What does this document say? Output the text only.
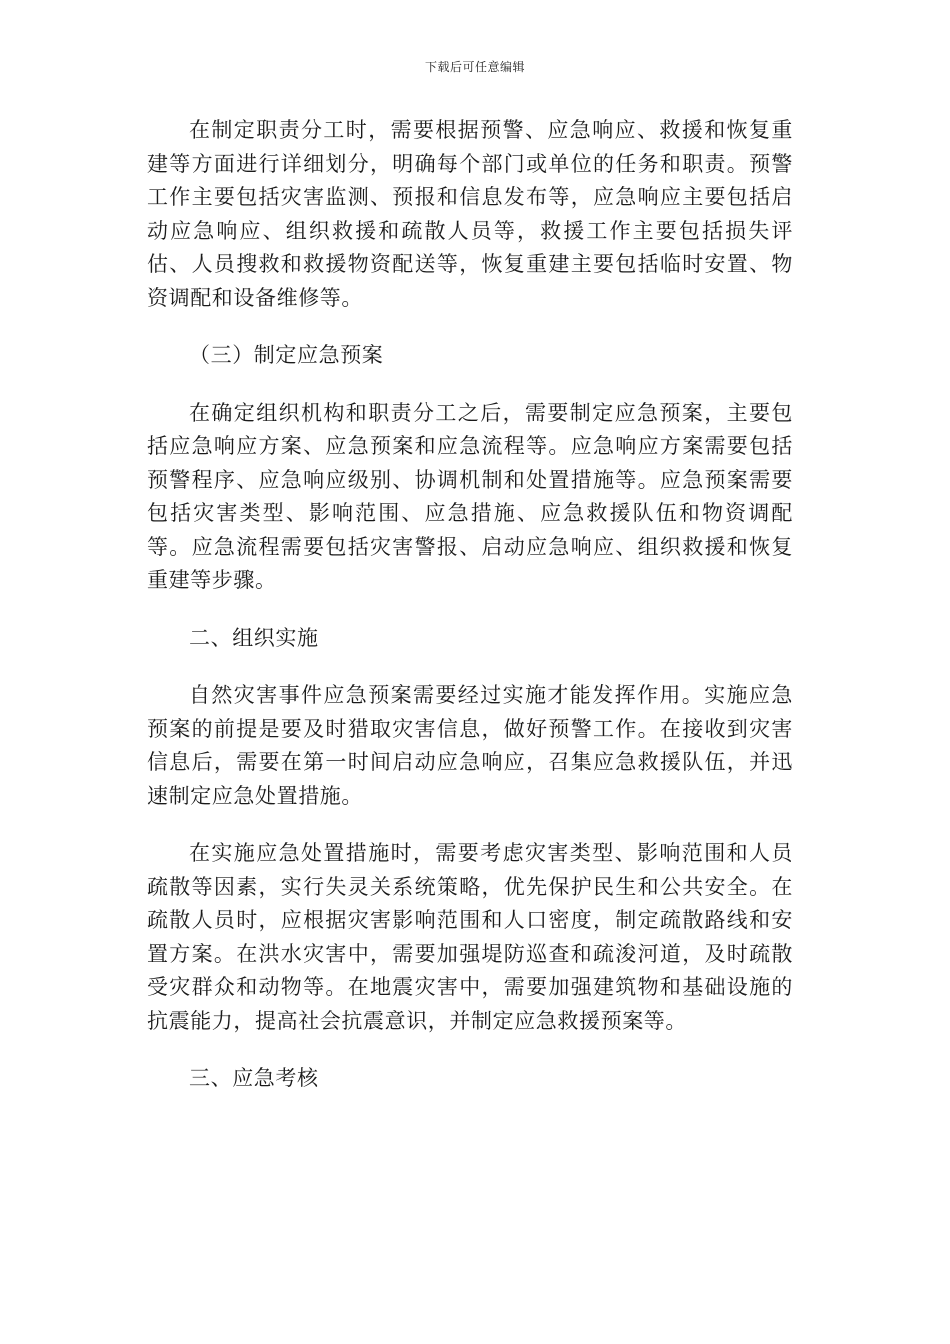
下载后可任意编辑

在制定职责分工时，需要根据预警、应急响应、救援和恢复重建等方面进行详细划分，明确每个部门或单位的任务和职责。预警工作主要包括灾害监测、预报和信息发布等，应急响应主要包括启动应急响应、组织救援和疏散人员等，救援工作主要包括损失评估、人员搜救和救援物资配送等，恢复重建主要包括临时安置、物资调配和设备维修等。

（三）制定应急预案

在确定组织机构和职责分工之后，需要制定应急预案，主要包括应急响应方案、应急预案和应急流程等。应急响应方案需要包括预警程序、应急响应级别、协调机制和处置措施等。应急预案需要包括灾害类型、影响范围、应急措施、应急救援队伍和物资调配等。应急流程需要包括灾害警报、启动应急响应、组织救援和恢复重建等步骤。

二、组织实施

自然灾害事件应急预案需要经过实施才能发挥作用。实施应急预案的前提是要及时猎取灾害信息，做好预警工作。在接收到灾害信息后，需要在第一时间启动应急响应，召集应急救援队伍，并迅速制定应急处置措施。

在实施应急处置措施时，需要考虑灾害类型、影响范围和人员疏散等因素，实行失灵关系统策略，优先保护民生和公共安全。在疏散人员时，应根据灾害影响范围和人口密度，制定疏散路线和安置方案。在洪水灾害中，需要加强堤防巡查和疏浚河道，及时疏散受灾群众和动物等。在地震灾害中，需要加强建筑物和基础设施的抗震能力，提高社会抗震意识，并制定应急救援预案等。

三、应急考核
